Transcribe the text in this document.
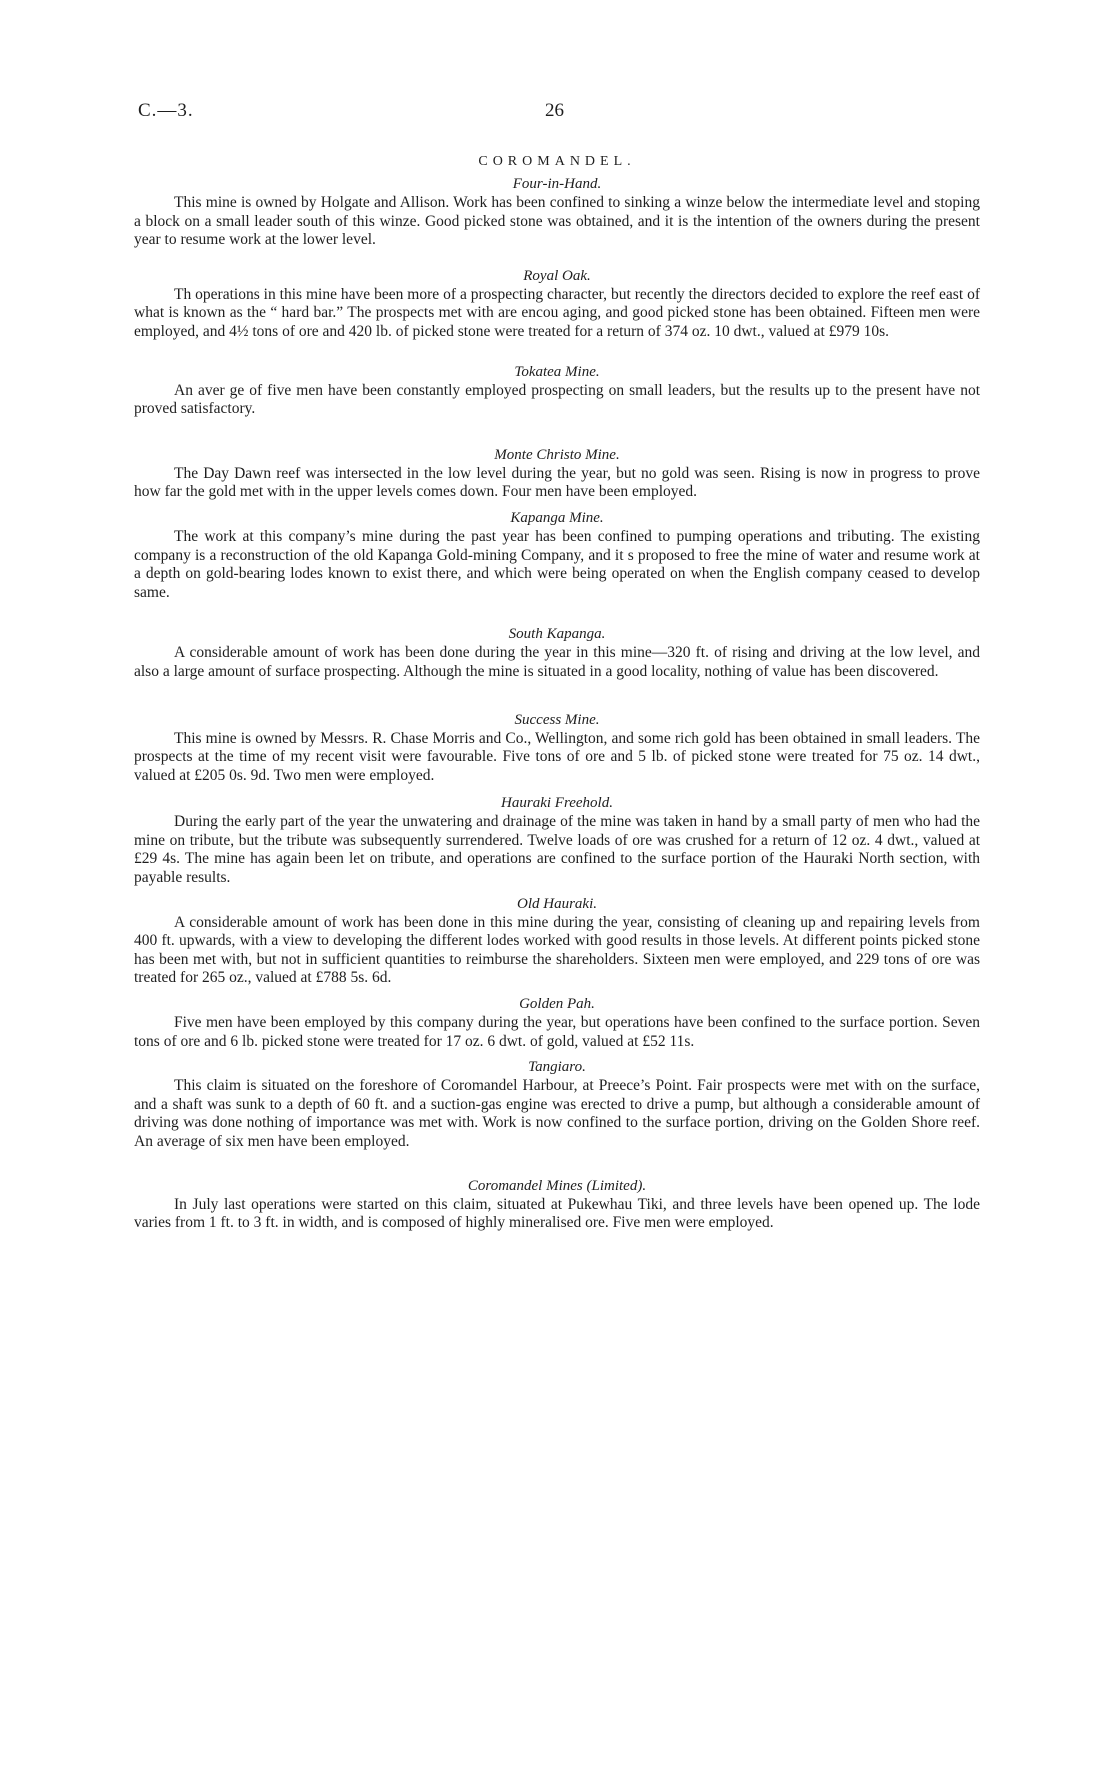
C.—3.	26

COROMANDEL.

Four-in-Hand.

This mine is owned by Holgate and Allison. Work has been confined to sinking a winze below the intermediate level and stoping a block on a small leader south of this winze. Good picked stone was obtained, and it is the intention of the owners during the present year to resume work at the lower level.

Royal Oak.

Th operations in this mine have been more of a prospecting character, but recently the directors decided to explore the reef east of what is known as the “ hard bar.” The prospects met with are encou aging, and good picked stone has been obtained. Fifteen men were employed, and 4½ tons of ore and 420 lb. of picked stone were treated for a return of 374 oz. 10 dwt., valued at £979 10s.

Tokatea Mine.

An aver ge of five men have been constantly employed prospecting on small leaders, but the results up to the present have not proved satisfactory.

Monte Christo Mine.

The Day Dawn reef was intersected in the low level during the year, but no gold was seen. Rising is now in progress to prove how far the gold met with in the upper levels comes down. Four men have been employed.

Kapanga Mine.

The work at this company’s mine during the past year has been confined to pumping operations and tributing. The existing company is a reconstruction of the old Kapanga Gold-mining Company, and it s proposed to free the mine of water and resume work at a depth on gold-bearing lodes known to exist there, and which were being operated on when the English company ceased to develop same.

South Kapanga.

A considerable amount of work has been done during the year in this mine—320 ft. of rising and driving at the low level, and also a large amount of surface prospecting. Although the mine is situated in a good locality, nothing of value has been discovered.

Success Mine.

This mine is owned by Messrs. R. Chase Morris and Co., Wellington, and some rich gold has been obtained in small leaders. The prospects at the time of my recent visit were favourable. Five tons of ore and 5 lb. of picked stone were treated for 75 oz. 14 dwt., valued at £205 0s. 9d. Two men were employed.

Hauraki Freehold.

During the early part of the year the unwatering and drainage of the mine was taken in hand by a small party of men who had the mine on tribute, but the tribute was subsequently surrendered. Twelve loads of ore was crushed for a return of 12 oz. 4 dwt., valued at £29 4s. The mine has again been let on tribute, and operations are confined to the surface portion of the Hauraki North section, with payable results.

Old Hauraki.

A considerable amount of work has been done in this mine during the year, consisting of cleaning up and repairing levels from 400 ft. upwards, with a view to developing the different lodes worked with good results in those levels. At different points picked stone has been met with, but not in sufficient quantities to reimburse the shareholders. Sixteen men were employed, and 229 tons of ore was treated for 265 oz., valued at £788 5s. 6d.

Golden Pah.

Five men have been employed by this company during the year, but operations have been confined to the surface portion. Seven tons of ore and 6 lb. picked stone were treated for 17 oz. 6 dwt. of gold, valued at £52 11s.

Tangiaro.

This claim is situated on the foreshore of Coromandel Harbour, at Preece’s Point. Fair prospects were met with on the surface, and a shaft was sunk to a depth of 60 ft. and a suction-gas engine was erected to drive a pump, but although a considerable amount of driving was done nothing of importance was met with. Work is now confined to the surface portion, driving on the Golden Shore reef. An average of six men have been employed.

Coromandel Mines (Limited).

In July last operations were started on this claim, situated at Pukewhau Tiki, and three levels have been opened up. The lode varies from 1 ft. to 3 ft. in width, and is composed of highly mineralised ore. Five men were employed.
